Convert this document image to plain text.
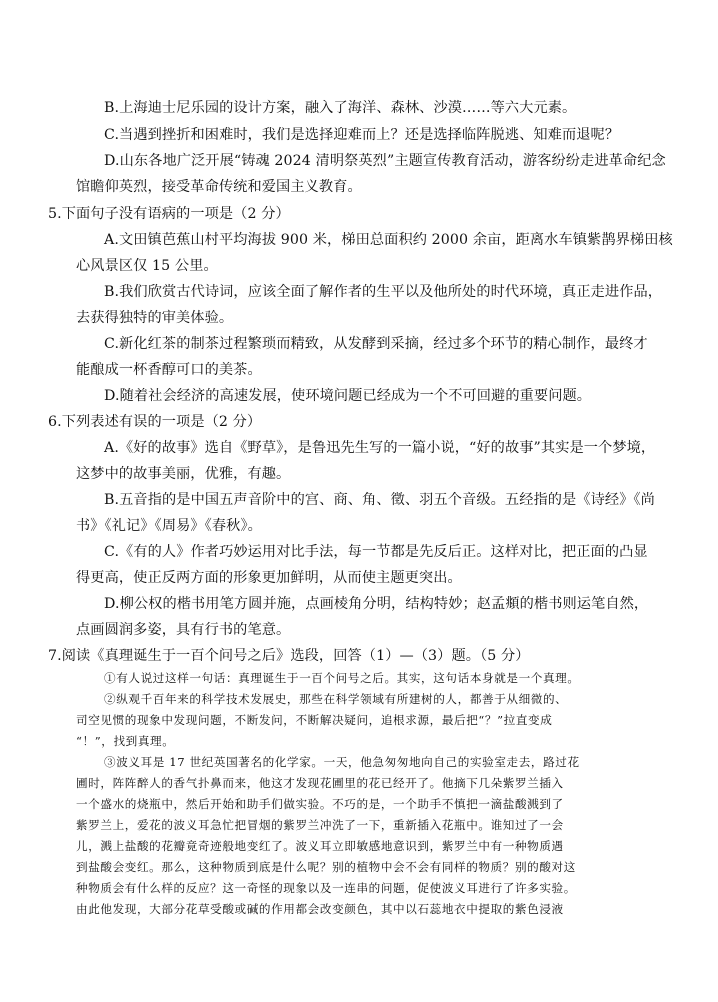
B.上海迪士尼乐园的设计方案，融入了海洋、森林、沙漠……等六大元素。
C.当遇到挫折和困难时，我们是选择迎难而上？还是选择临阵脱逃、知难而退呢？
D.山东各地广泛开展“铸魂 2024 清明祭英烈”主题宣传教育活动，游客纷纷走进革命纪念
馆瞻仰英烈，接受革命传统和爱国主义教育。
5.下面句子没有语病的一项是（2 分）
A.文田镇芭蕉山村平均海拔 900 米，梯田总面积约 2000 余亩，距离水车镇紫鹊界梯田核
心风景区仅 15 公里。
B.我们欣赏古代诗词，应该全面了解作者的生平以及他所处的时代环境，真正走进作品，
去获得独特的审美体验。
C.新化红茶的制茶过程繁琐而精致，从发酵到采摘，经过多个环节的精心制作，最终才
能酿成一杯香醇可口的美茶。
D.随着社会经济的高速发展，使环境问题已经成为一个不可回避的重要问题。
6.下列表述有误的一项是（2 分）
A.《好的故事》选自《野草》，是鲁迅先生写的一篇小说，“好的故事”其实是一个梦境，
这梦中的故事美丽，优雅，有趣。
B.五音指的是中国五声音阶中的宫、商、角、徵、羽五个音级。五经指的是《诗经》《尚
书》《礼记》《周易》《春秋》。
C.《有的人》作者巧妙运用对比手法，每一节都是先反后正。这样对比，把正面的凸显
得更高，使正反两方面的形象更加鲜明，从而使主题更突出。
D.柳公权的楷书用笔方圆并施，点画棱角分明，结构特妙；赵孟頫的楷书则运笔自然，
点画圆润多姿，具有行书的笔意。
7.阅读《真理诞生于一百个问号之后》选段，回答（1）—（3）题。（5 分）
①有人说过这样一句话：真理诞生于一百个问号之后。其实，这句话本身就是一个真理。
②纵观千百年来的科学技术发展史，那些在科学领域有所建树的人，都善于从细微的、
司空见惯的现象中发现问题，不断发问，不断解决疑问，追根求源，最后把“？”拉直变成
“！”，找到真理。
③波义耳是 17 世纪英国著名的化学家。一天，他急匆匆地向自己的实验室走去，路过花
圃时，阵阵醉人的香气扑鼻而来，他这才发现花圃里的花已经开了。他摘下几朵紫罗兰插入
一个盛水的烧瓶中，然后开始和助手们做实验。不巧的是，一个助手不慎把一滴盐酸溅到了
紫罗兰上，爱花的波义耳急忙把冒烟的紫罗兰冲洗了一下，重新插入花瓶中。谁知过了一会
儿，溅上盐酸的花瓣竟奇迹般地变红了。波义耳立即敏感地意识到，紫罗兰中有一种物质遇
到盐酸会变红。那么，这种物质到底是什么呢？别的植物中会不会有同样的物质？别的酸对这
种物质会有什么样的反应？这一奇怪的现象以及一连串的问题，促使波义耳进行了许多实验。
由此他发现，大部分花草受酸或碱的作用都会改变颜色，其中以石蕊地衣中提取的紫色浸液
